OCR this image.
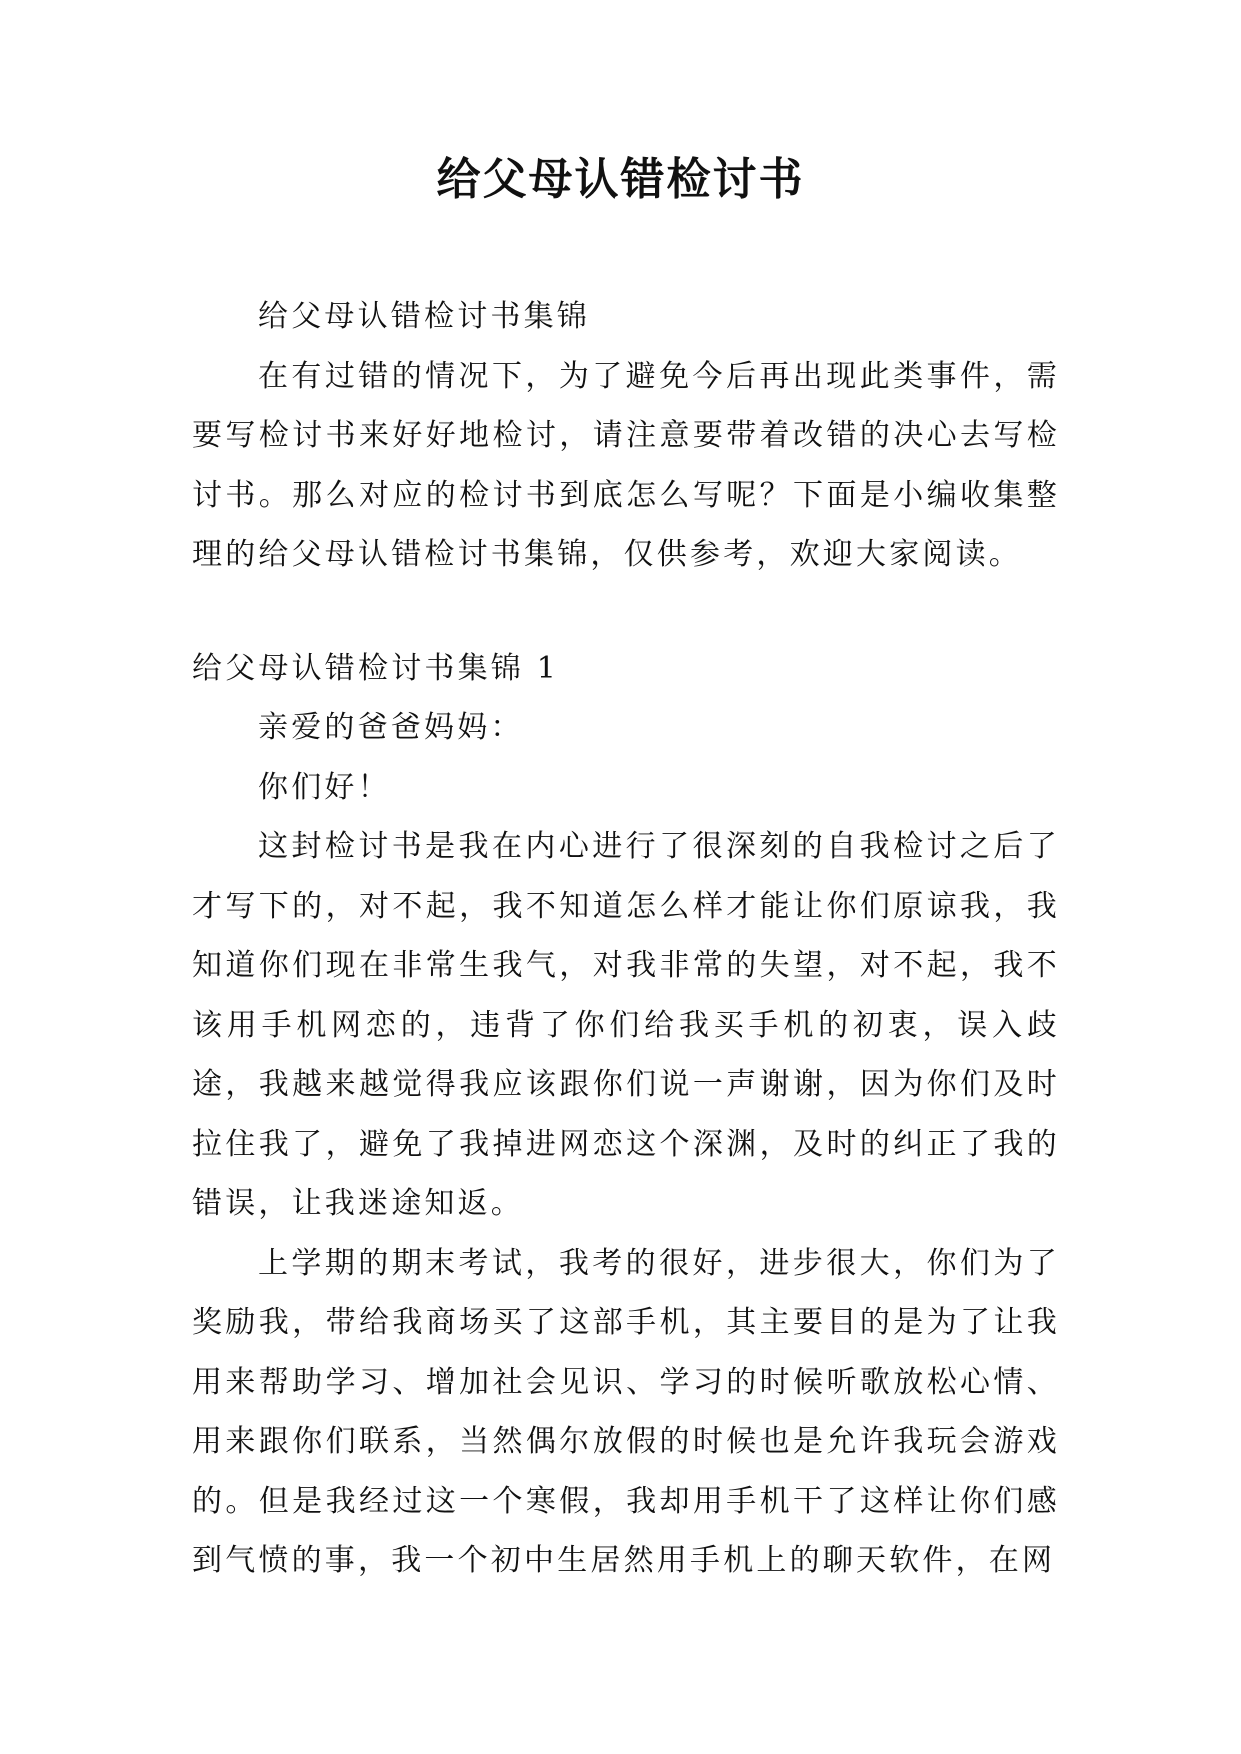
给父母认错检讨书

给父母认错检讨书集锦

在有过错的情况下，为了避免今后再出现此类事件，需要写检讨书来好好地检讨，请注意要带着改错的决心去写检讨书。那么对应的检讨书到底怎么写呢？下面是小编收集整理的给父母认错检讨书集锦，仅供参考，欢迎大家阅读。

给父母认错检讨书集锦 1

亲爱的爸爸妈妈：

你们好！

这封检讨书是我在内心进行了很深刻的自我检讨之后了才写下的，对不起，我不知道怎么样才能让你们原谅我，我知道你们现在非常生我气，对我非常的失望，对不起，我不该用手机网恋的，违背了你们给我买手机的初衷，误入歧途，我越来越觉得我应该跟你们说一声谢谢，因为你们及时拉住我了，避免了我掉进网恋这个深渊，及时的纠正了我的错误，让我迷途知返。

上学期的期末考试，我考的很好，进步很大，你们为了奖励我，带给我商场买了这部手机，其主要目的是为了让我用来帮助学习、增加社会见识、学习的时候听歌放松心情、用来跟你们联系，当然偶尔放假的时候也是允许我玩会游戏的。但是我经过这一个寒假，我却用手机干了这样让你们感到气愤的事，我一个初中生居然用手机上的聊天软件，在网
